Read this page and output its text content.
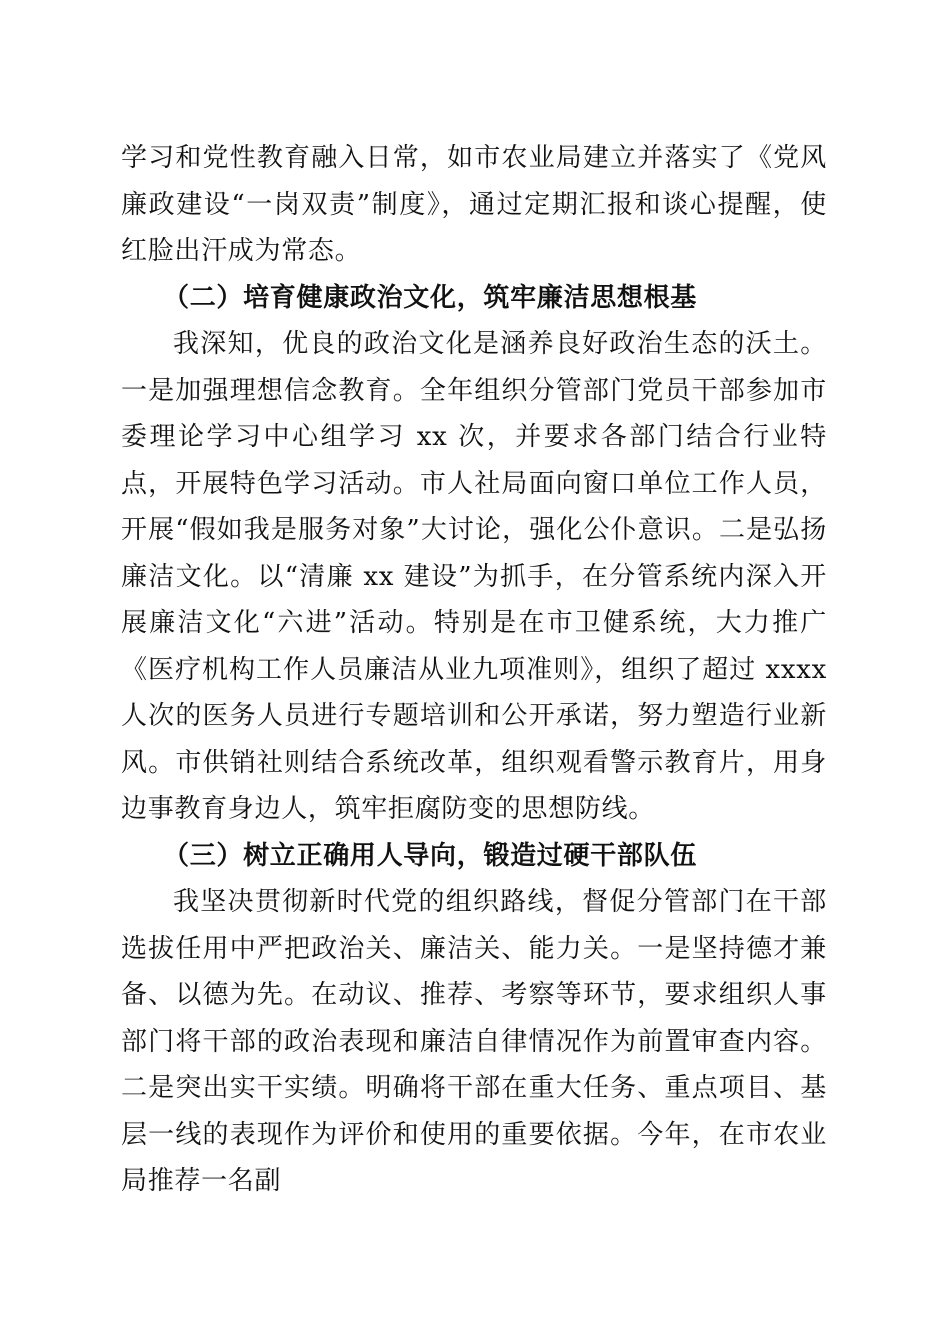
学习和党性教育融入日常，如市农业局建立并落实了《党风廉政建设“一岗双责”制度》，通过定期汇报和谈心提醒，使红脸出汗成为常态。

（二）培育健康政治文化，筑牢廉洁思想根基

我深知，优良的政治文化是涵养良好政治生态的沃土。一是加强理想信念教育。全年组织分管部门党员干部参加市委理论学习中心组学习 xx 次，并要求各部门结合行业特点，开展特色学习活动。市人社局面向窗口单位工作人员，开展“假如我是服务对象”大讨论，强化公仆意识。二是弘扬廉洁文化。以“清廉 xx 建设”为抓手，在分管系统内深入开展廉洁文化“六进”活动。特别是在市卫健系统，大力推广《医疗机构工作人员廉洁从业九项准则》，组织了超过 xxxx 人次的医务人员进行专题培训和公开承诺，努力塑造行业新风。市供销社则结合系统改革，组织观看警示教育片，用身边事教育身边人，筑牢拒腐防变的思想防线。

（三）树立正确用人导向，锻造过硬干部队伍

我坚决贯彻新时代党的组织路线，督促分管部门在干部选拔任用中严把政治关、廉洁关、能力关。一是坚持德才兼备、以德为先。在动议、推荐、考察等环节，要求组织人事部门将干部的政治表现和廉洁自律情况作为前置审查内容。二是突出实干实绩。明确将干部在重大任务、重点项目、基层一线的表现作为评价和使用的重要依据。今年，在市农业局推荐一名副
